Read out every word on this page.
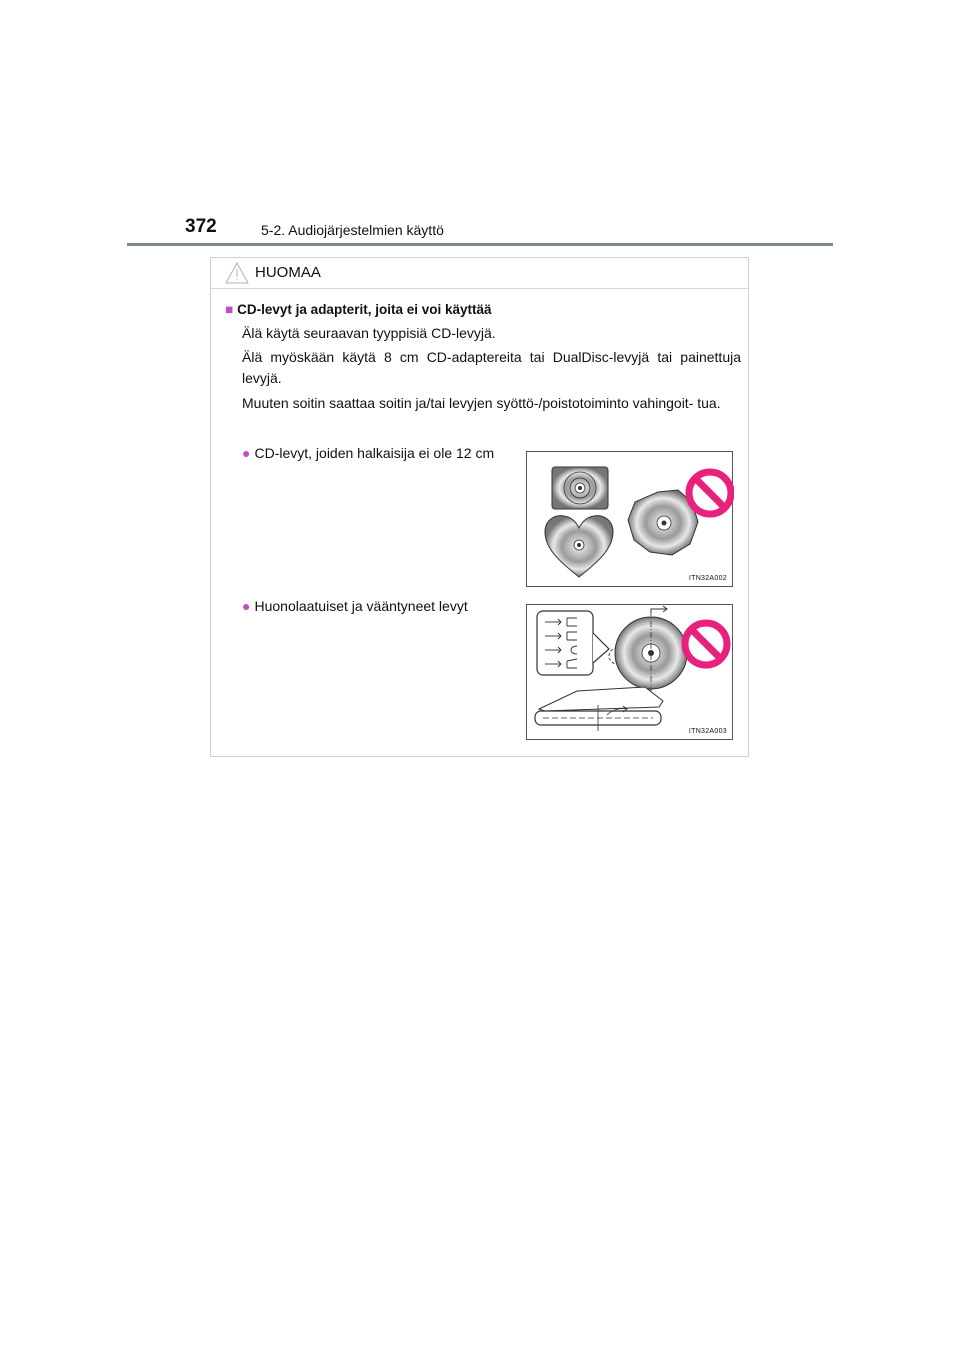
372	5-2. Audiojärjestelmien käyttö
HUOMAA
■ CD-levyt ja adapterit, joita ei voi käyttää

Älä käytä seuraavan tyyppisiä CD-levyjä.

Älä myöskään käytä 8 cm CD-adaptereita tai DualDisc-levyjä tai painettuja levyjä.

Muuten soitin saattaa soitin ja/tai levyjen syöttö-/poistotoiminto vahingoit- tua.

● CD-levyt, joiden halkaisija ei ole 12 cm
ITN32A002
● Huonolaatuiset ja vääntyneet levyt
ITN32A003
